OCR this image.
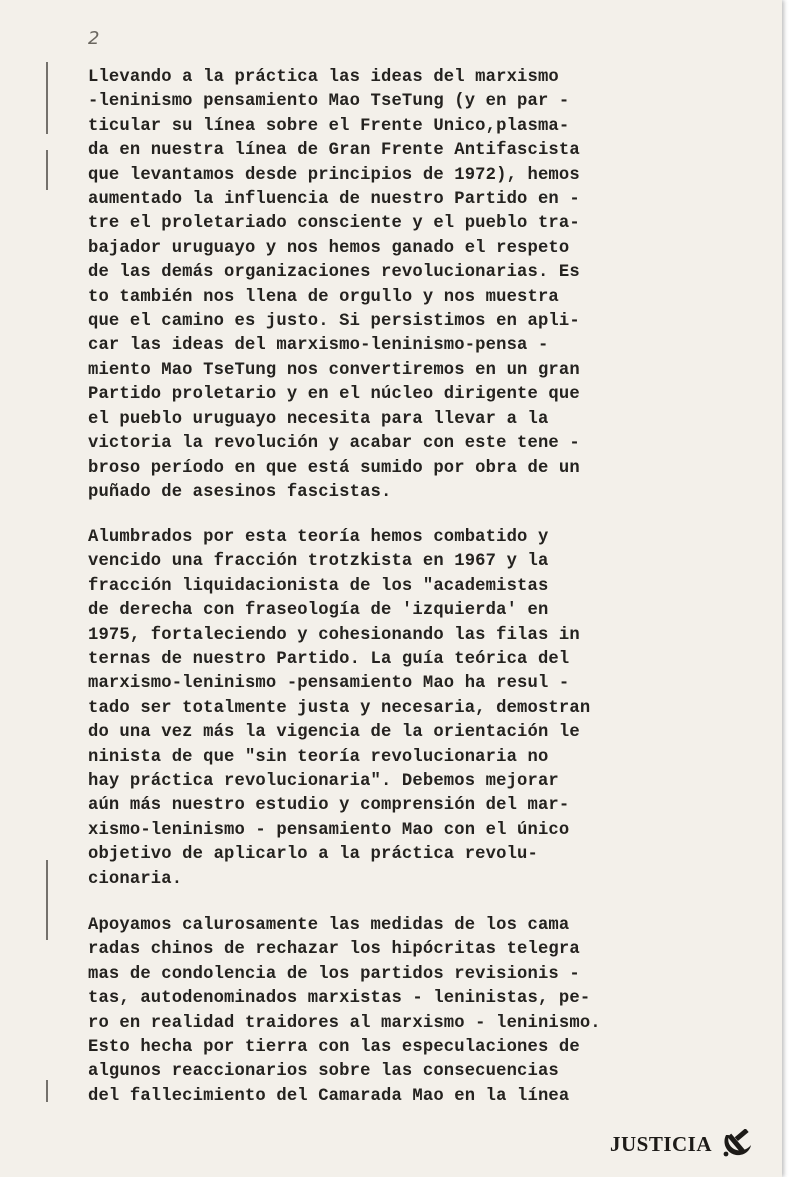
2
Llevando a la práctica las ideas del marxismo
-leninismo pensamiento Mao TseTung (y en par -
ticular su línea sobre el Frente Unico,plasma-
da en nuestra línea de Gran Frente Antifascista
que levantamos desde principios de 1972), hemos
aumentado la influencia de nuestro Partido en -
tre el proletariado consciente y el pueblo tra-
bajador uruguayo y nos hemos ganado el respeto
de las demás organizaciones revolucionarias. Es
to también nos llena de orgullo y nos muestra
que el camino es justo. Si persistimos en apli-
car las ideas del marxismo-leninismo-pensa -
miento Mao TseTung nos convertiremos en un gran
Partido proletario y en el núcleo dirigente que
el pueblo uruguayo necesita para llevar a la
victoria la revolución y acabar con este tene -
broso período en que está sumido por obra de un
puñado de asesinos fascistas.
Alumbrados por esta teoría hemos combatido y
vencido una fracción trotzkista en 1967 y la
fracción liquidacionista de los "academistas
de derecha con fraseología de 'izquierda' en
1975, fortaleciendo y cohesionando las filas in
ternas de nuestro Partido. La guía teórica del
marxismo-leninismo -pensamiento Mao ha resul -
tado ser totalmente justa y necesaria, demostran
do una vez más la vigencia de la orientación le
ninista de que "sin teoría revolucionaria no
hay práctica revolucionaria". Debemos mejorar
aún más nuestro estudio y comprensión del mar-
xismo-leninismo - pensamiento Mao con el único
objetivo de aplicarlo a la práctica revolu-
cionaria.
Apoyamos calurosamente las medidas de los cama
radas chinos de rechazar los hipócritas telegra
mas de condolencia de los partidos revisionis -
tas, autodenominados marxistas - leninistas, pe-
ro en realidad traidores al marxismo - leninismo.
Esto hecha por tierra con las especulaciones de
algunos reaccionarios sobre las consecuencias
del fallecimiento del Camarada Mao en la línea
JUSTICIA
